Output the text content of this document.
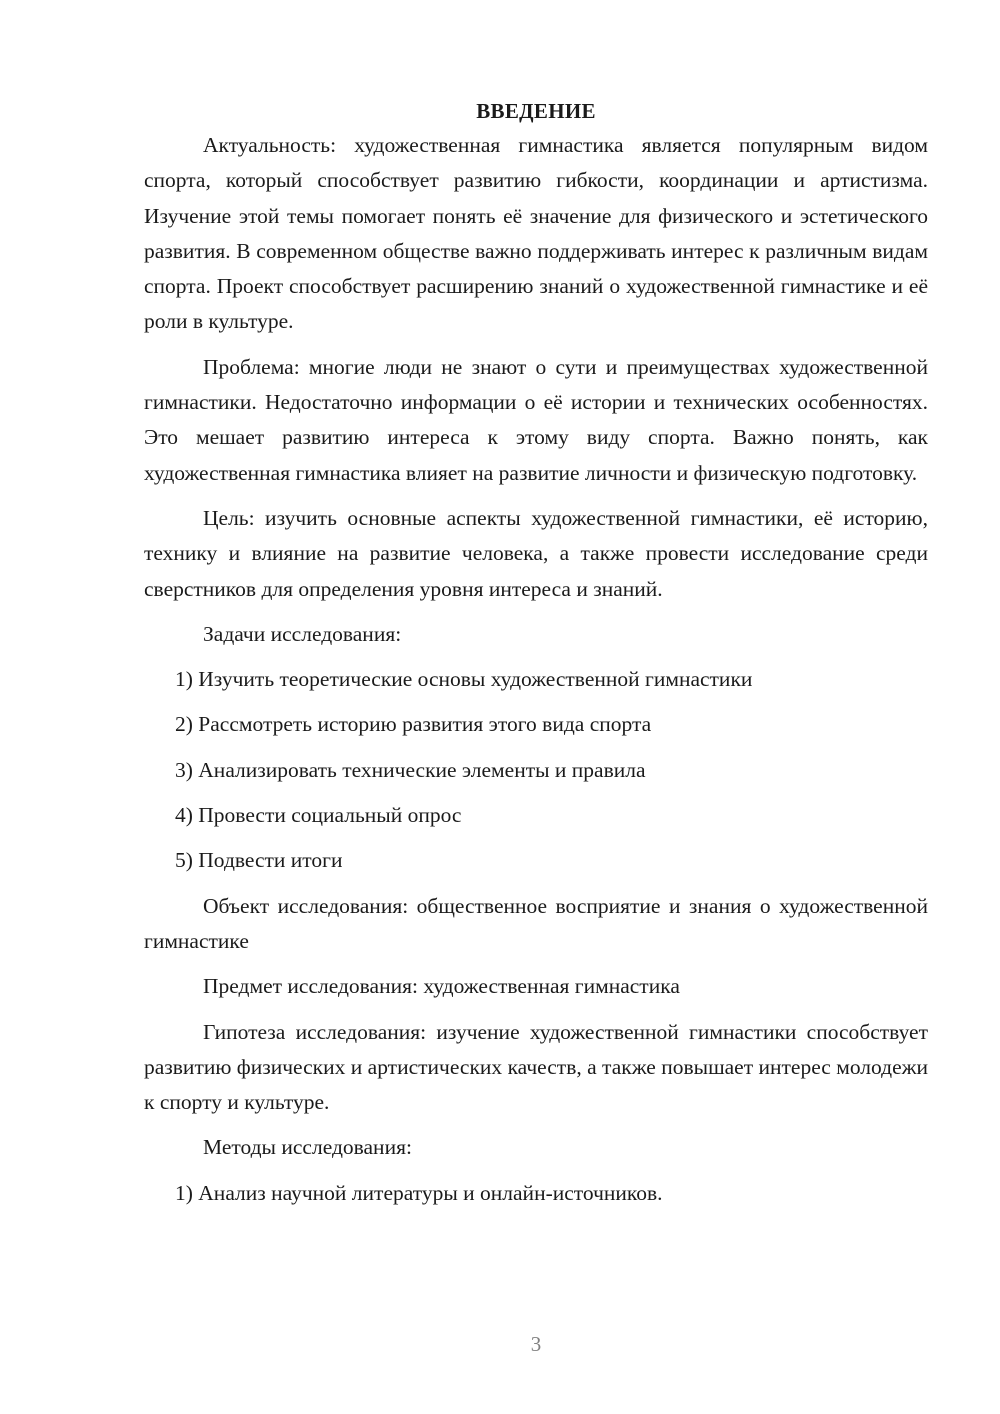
ВВЕДЕНИЕ

Актуальность: художественная гимнастика является популярным видом спорта, который способствует развитию гибкости, координации и артистизма. Изучение этой темы помогает понять её значение для физического и эстетического развития. В современном обществе важно поддерживать интерес к различным видам спорта. Проект способствует расширению знаний о художественной гимнастике и её роли в культуре.

Проблема: многие люди не знают о сути и преимуществах художественной гимнастики. Недостаточно информации о её истории и технических особенностях. Это мешает развитию интереса к этому виду спорта. Важно понять, как художественная гимнастика влияет на развитие личности и физическую подготовку.

Цель: изучить основные аспекты художественной гимнастики, её историю, технику и влияние на развитие человека, а также провести исследование среди сверстников для определения уровня интереса и знаний.

Задачи исследования:

1) Изучить теоретические основы художественной гимнастики

2) Рассмотреть историю развития этого вида спорта

3) Анализировать технические элементы и правила

4) Провести социальный опрос

5) Подвести итоги

Объект исследования: общественное восприятие и знания о художественной гимнастике

Предмет исследования: художественная гимнастика

Гипотеза исследования: изучение художественной гимнастики способствует развитию физических и артистических качеств, а также повышает интерес молодежи к спорту и культуре.

Методы исследования:

1) Анализ научной литературы и онлайн-источников.

3
